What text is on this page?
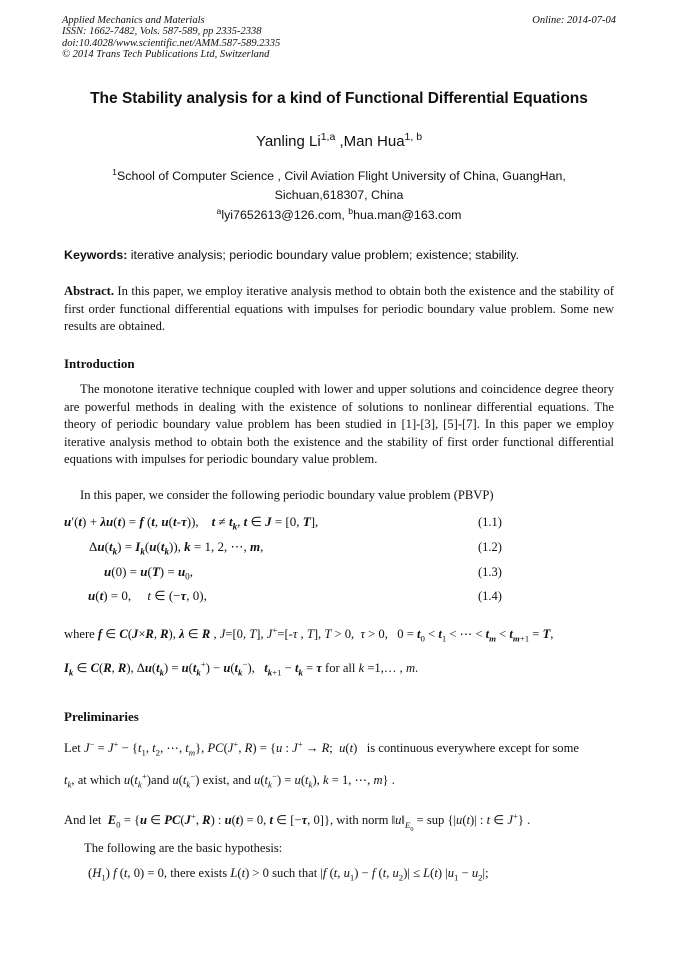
Applied Mechanics and Materials
ISSN: 1662-7482, Vols. 587-589, pp 2335-2338
doi:10.4028/www.scientific.net/AMM.587-589.2335
© 2014 Trans Tech Publications Ltd, Switzerland
Online: 2014-07-04
The Stability analysis for a kind of Functional Differential Equations
Yanling Li$^{1,a}$ ,Man Hua$^{1, b}$
$^1$School of Computer Science , Civil Aviation Flight University of China, GuangHan,
Sichuan,618307, China
$^a$lyi7652613@126.com, $^b$hua.man@163.com
Keywords: iterative analysis; periodic boundary value problem; existence; stability.
Abstract. In this paper, we employ iterative analysis method to obtain both the existence and the stability of first order functional differential equations with impulses for periodic boundary value problem. Some new results are obtained.
Introduction
The monotone iterative technique coupled with lower and upper solutions and coincidence degree theory are powerful methods in dealing with the existence of solutions to nonlinear differential equations. The theory of periodic boundary value problem has been studied in [1]-[3], [5]-[7]. In this paper we employ iterative analysis method to obtain both the existence and the stability of first order functional differential equations with impulses for periodic boundary value problem.
In this paper, we consider the following periodic boundary value problem (PBVP)
u′(t) + λu(t) = f (t, u(t-τ)),    $t \ne t_k$, t ∈ J = [0, T],	(1.1)
$\Delta u(t_k) = I_k(u(t_k))$, k = 1, 2, ⋯, m,	(1.2)
$u(0) = u(T) = u_0$,	(1.3)
u(t) = 0,     t ∈ (−τ, 0),	(1.4)
where f ∈ C(J×R, R), λ ∈ R , J=[0, T], J+=[-τ , T], T > 0,  τ > 0,   $0 = t_0 < t_1$ < ⋯ < $t_m < t_{m+1} = T$,
$I_k$ ∈ C(R, R), $\Delta u(t_k) = u(t_k^+) - u(t_k^-)$,   $t_{k+1} - t_k = \tau$ for all k =1,… , m.
Preliminaries
Let $J^- = J^+ - \{t_1$, $t_2$, ⋯, $t_m$}, PC(J+, R) = {u : J+ → R;  u(t)   is continuous everywhere except for some
$t_k$, at which $u(t_k^+)and$ $u(t_k^-)$ exist, and $u(t_k^-) = u(t_k)$, k = 1, ⋯, m} .
And let $E_0 = \{u$ ∈ PC(J+, R) : u(t) = 0, t ∈ [−τ, 0]}, with norm $‖u‖_{E_0}$ = sup {|u(t)| : t ∈ J+} .
The following are the basic hypothesis:
$(H_1)$ f (t, 0) = 0, there exists L(t) > 0 such that |f (t, $u_1) - f$ (t, $u_2)| \le L(t)$ $|u_1 - u_2|$;
